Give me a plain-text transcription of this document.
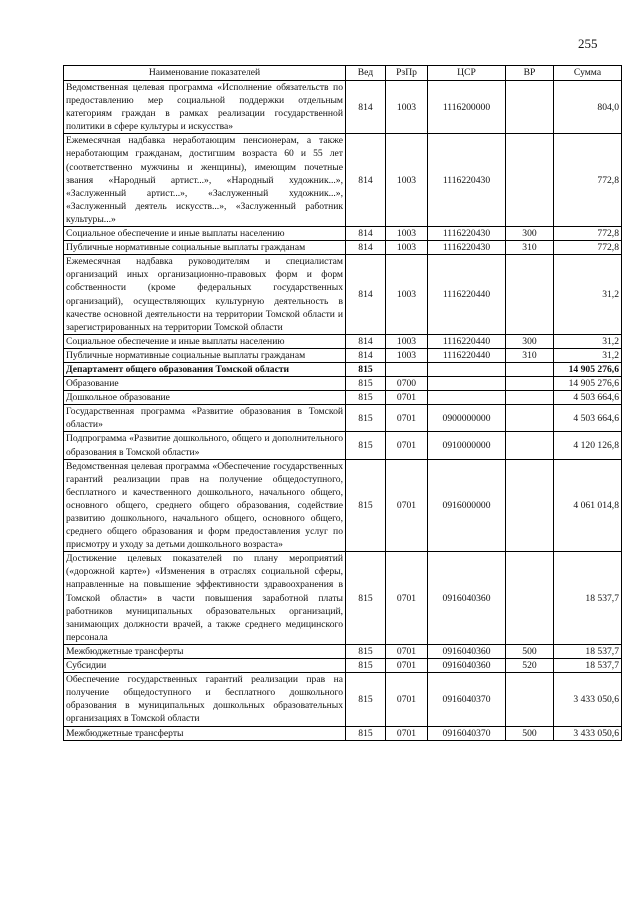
255
Наименование показателей	Вед	РзПр	ЦСР	ВР	Сумма
Ведомственная целевая программа «Исполнение обязательств по предоставлению мер социальной поддержки отдельным категориям граждан в рамках реализации государственной политики в сфере культуры и искусства»	814	1003	1116200000		804,0
Ежемесячная надбавка неработающим пенсионерам, а также неработающим гражданам, достигшим возраста 60 и 55 лет (соответственно мужчины и женщины), имеющим почетные звания «Народный артист...», «Народный художник...», «Заслуженный артист...», «Заслуженный художник...», «Заслуженный деятель искусств...», «Заслуженный работник культуры...»	814	1003	1116220430		772,8
Социальное обеспечение и иные выплаты населению	814	1003	1116220430	300	772,8
Публичные нормативные социальные выплаты гражданам	814	1003	1116220430	310	772,8
Ежемесячная надбавка руководителям и специалистам организаций иных организационно-правовых форм и форм собственности (кроме федеральных государственных организаций), осуществляющих культурную деятельность в качестве основной деятельности на территории Томской области и зарегистрированных на территории Томской области	814	1003	1116220440		31,2
Социальное обеспечение и иные выплаты населению	814	1003	1116220440	300	31,2
Публичные нормативные социальные выплаты гражданам	814	1003	1116220440	310	31,2
Департамент общего образования Томской области	815				14 905 276,6
Образование	815	0700			14 905 276,6
Дошкольное образование	815	0701			4 503 664,6
Государственная программа «Развитие образования в Томской области»	815	0701	0900000000		4 503 664,6
Подпрограмма «Развитие дошкольного, общего и дополнительного образования в Томской области»	815	0701	0910000000		4 120 126,8
Ведомственная целевая программа «Обеспечение государственных гарантий реализации прав на получение общедоступного, бесплатного и качественного дошкольного, начального общего, основного общего, среднего общего образования, содействие развитию дошкольного, начального общего, основного общего, среднего общего образования и форм предоставления услуг по присмотру и уходу за детьми дошкольного возраста»	815	0701	0916000000		4 061 014,8
Достижение целевых показателей по плану мероприятий («дорожной карте») «Изменения в отраслях социальной сферы, направленные на повышение эффективности здравоохранения в Томской области» в части повышения заработной платы работников муниципальных образовательных организаций, занимающих должности врачей, а также среднего медицинского персонала	815	0701	0916040360		18 537,7
Межбюджетные трансферты	815	0701	0916040360	500	18 537,7
Субсидии	815	0701	0916040360	520	18 537,7
Обеспечение государственных гарантий реализации прав на получение общедоступного и бесплатного дошкольного образования в муниципальных дошкольных образовательных организациях в Томской области	815	0701	0916040370		3 433 050,6
Межбюджетные трансферты	815	0701	0916040370	500	3 433 050,6
